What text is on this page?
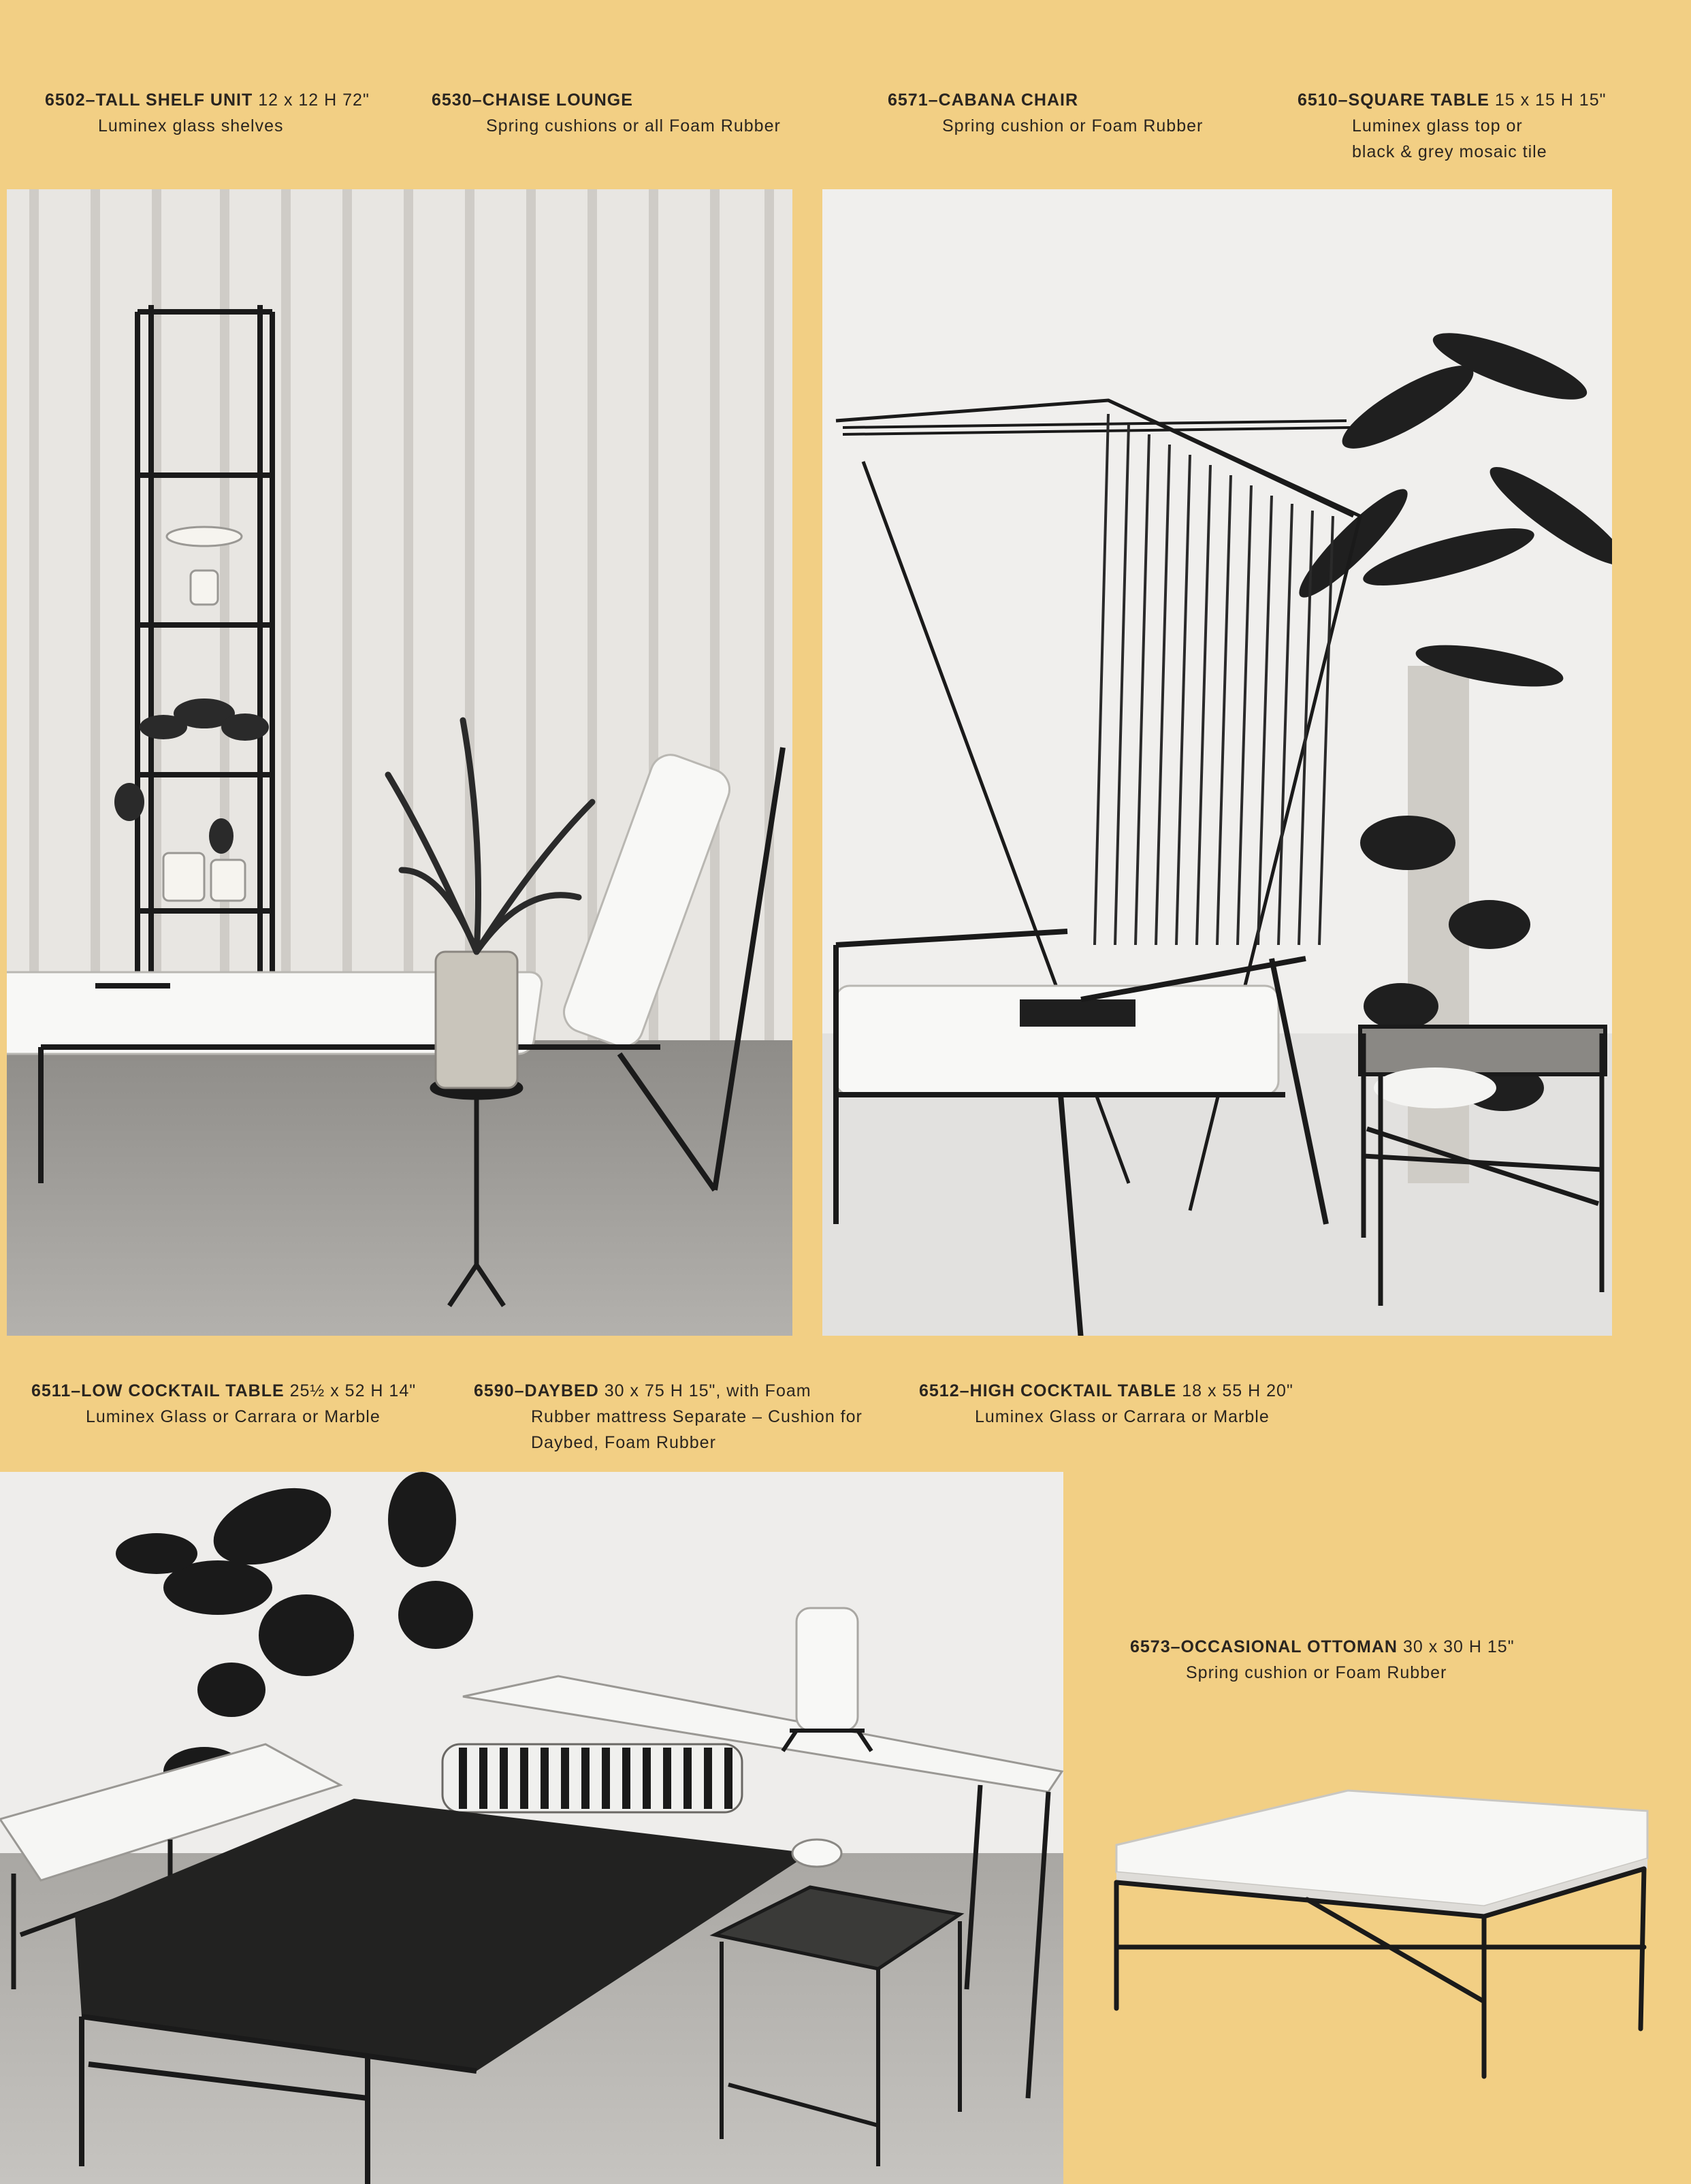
6502–TALL SHELF UNIT 12 x 12 H 72"
Luminex glass shelves
6530–CHAISE LOUNGE
Spring cushions or all Foam Rubber
6571–CABANA CHAIR
Spring cushion or Foam Rubber
6510–SQUARE TABLE 15 x 15 H 15"
Luminex glass top or
black & grey mosaic tile
6511–LOW COCKTAIL TABLE 25½ x 52 H 14"
Luminex Glass or Carrara or Marble
6590–DAYBED 30 x 75 H 15", with Foam
Rubber mattress Separate – Cushion for
Daybed, Foam Rubber
6512–HIGH COCKTAIL TABLE 18 x 55 H 20"
Luminex Glass or Carrara or Marble
6573–OCCASIONAL OTTOMAN 30 x 30 H 15"
Spring cushion or Foam Rubber
